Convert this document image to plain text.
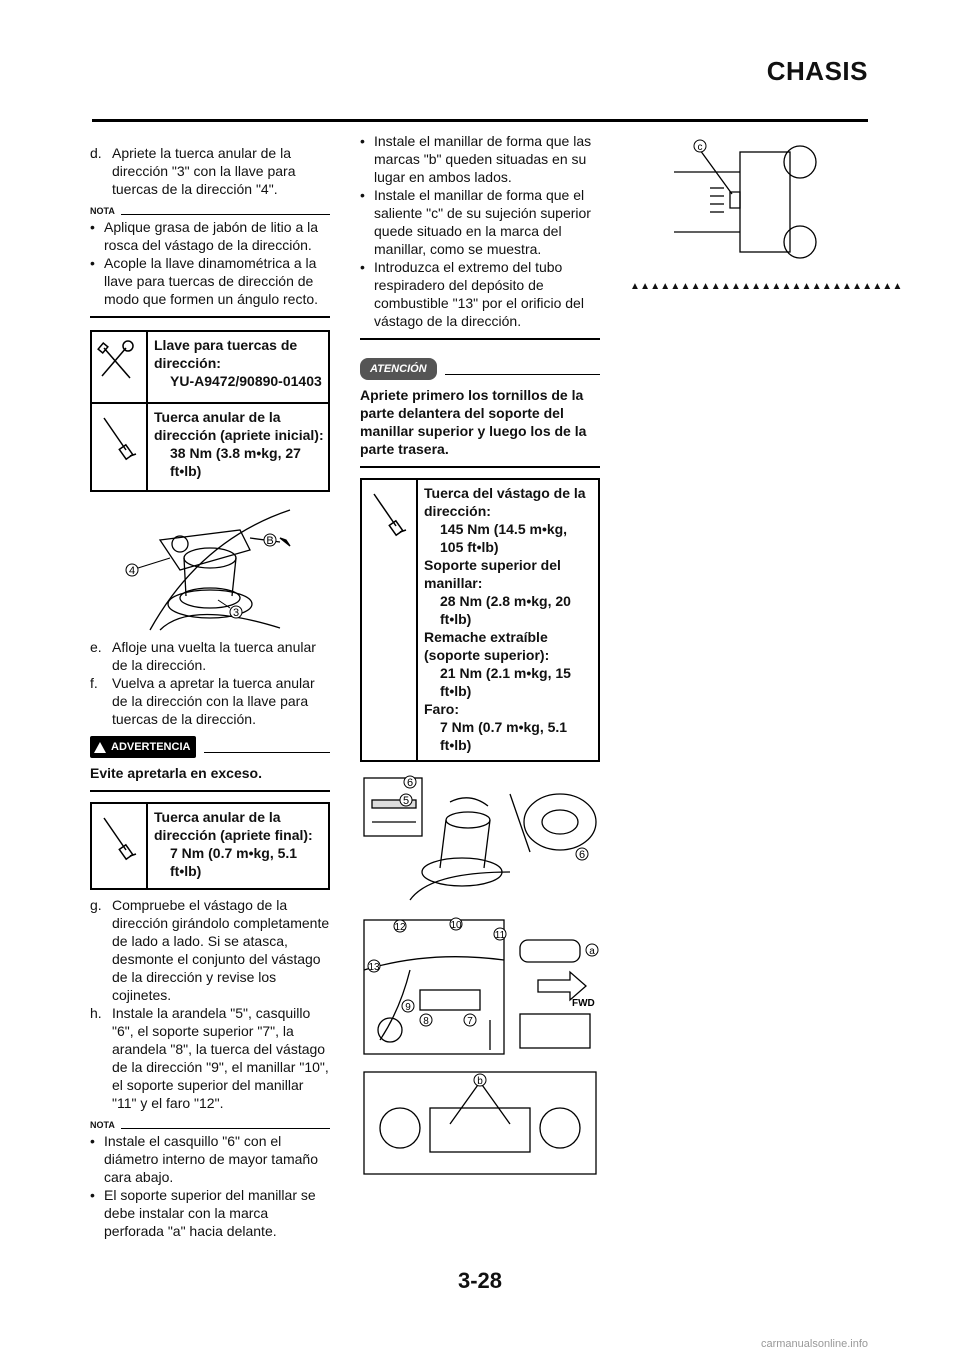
CHASIS
d. Apriete la tuerca anular de la dirección "3" con la llave para tuercas de la dirección "4".
NOTA
• Aplique grasa de jabón de litio a la rosca del vástago de la dirección.
• Acople la llave dinamométrica a la llave para tuercas de dirección de modo que formen un ángulo recto.
Llave para tuercas de dirección:
YU-A9472/90890-01403
Tuerca anular de la dirección (apriete inicial):
38 Nm (3.8 m•kg, 27 ft•lb)
4
3
B
e. Afloje una vuelta la tuerca anular de la dirección.
f. Vuelva a apretar la tuerca anular de la dirección con la llave para tuercas de la dirección.
ADVERTENCIA
Evite apretarla en exceso.
Tuerca anular de la dirección (apriete final):
7 Nm (0.7 m•kg, 5.1 ft•lb)
g. Compruebe el vástago de la dirección girándolo completamente de lado a lado. Si se atasca, desmonte el conjunto del vástago de la dirección y revise los cojinetes.
h. Instale la arandela "5", casquillo "6", el soporte superior "7", la arandela "8", la tuerca del vástago de la dirección "9", el manillar "10", el soporte superior del manillar "11" y el faro "12".
NOTA
• Instale el casquillo "6" con el diámetro interno de mayor tamaño cara abajo.
• El soporte superior del manillar se debe instalar con la marca perforada "a" hacia delante.
• Instale el manillar de forma que las marcas "b" queden situadas en su lugar en ambos lados.
• Instale el manillar de forma que el saliente "c" de su sujeción superior quede situado en la marca del manillar, como se muestra.
• Introduzca el extremo del tubo respiradero del depósito de combustible "13" por el orificio del vástago de la dirección.
ATENCIÓN
Apriete primero los tornillos de la parte delantera del soporte del manillar superior y luego los de la parte trasera.
Tuerca del vástago de la dirección:
145 Nm (14.5 m•kg, 105 ft•lb)
Soporte superior del manillar:
28 Nm (2.8 m•kg, 20 ft•lb)
Remache extraíble (soporte superior):
21 Nm (2.1 m•kg, 15 ft•lb)
Faro:
7 Nm (0.7 m•kg, 5.1 ft•lb)
6
5
6
12	10
11
13
9
8	7
a
FWD
b
c
▲▲▲▲▲▲▲▲▲▲▲▲▲▲▲▲▲▲▲▲▲▲▲▲▲▲▲
3-28
carmanualsonline.info
